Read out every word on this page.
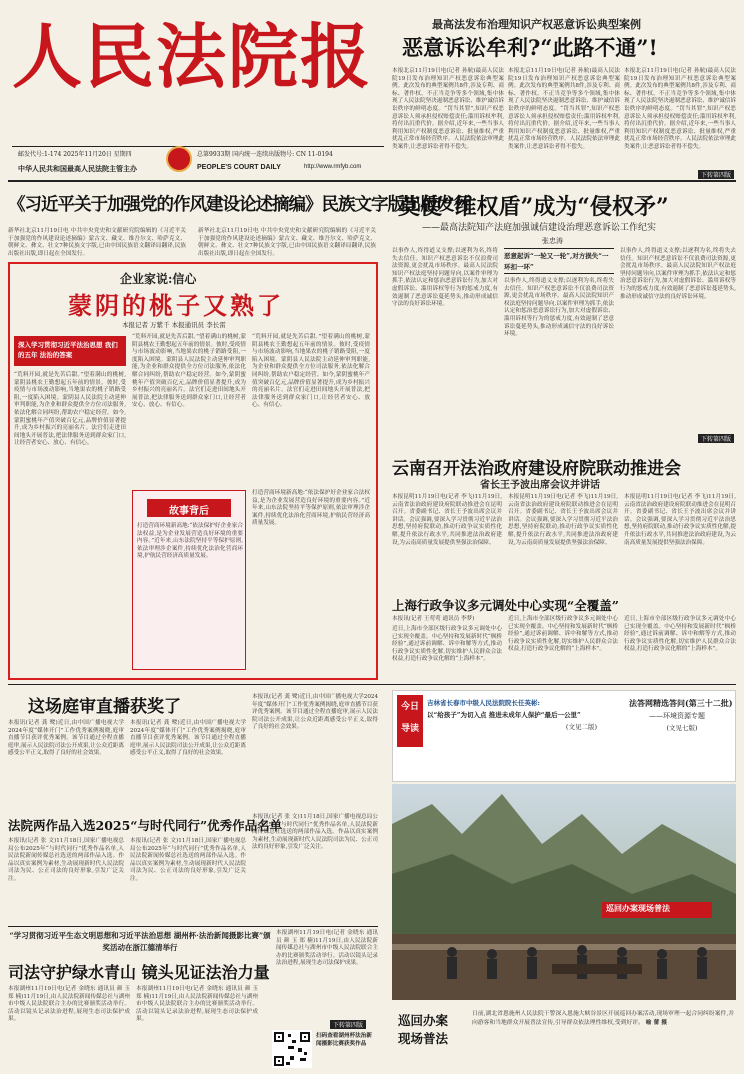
人民法院报
邮发代号:1-174 2025年11月20日 星期四	总第9933期 国内统一连续出版物号: CN 11-0194
中华人民共和国最高人民法院主管主办	PEOPLE'S COURT DAILY	http://www.rmfyb.com
最高法发布治理知识产权恶意诉讼典型案例
恶意诉讼牟利?“此路不通”!
本报北京11月19日电(记者 孙航)最高人民法院19日发布治理知识产权恶意诉讼典型案例。此次发布的典型案例共8件,涉及专利、商标、著作权、不正当竞争等多个领域,集中体现了人民法院坚决遏制恶意诉讼、维护诚信诉讼秩序的鲜明态度。“罚当其罪”,知识产权恶意诉讼人须承担侵权赔偿责任;滥用诉权牟利,将付出沉重代价。据介绍,近年来,一些当事人利用知识产权制度恶意诉讼、批量维权,严重扰乱正常市场经营秩序。人民法院依法审理此类案件,让恶意诉讼者得不偿失。
本报北京11月19日电(记者 孙航)最高人民法院19日发布治理知识产权恶意诉讼典型案例。此次发布的典型案例共8件,涉及专利、商标、著作权、不正当竞争等多个领域,集中体现了人民法院坚决遏制恶意诉讼、维护诚信诉讼秩序的鲜明态度。“罚当其罪”,知识产权恶意诉讼人须承担侵权赔偿责任;滥用诉权牟利,将付出沉重代价。据介绍,近年来,一些当事人利用知识产权制度恶意诉讼、批量维权,严重扰乱正常市场经营秩序。人民法院依法审理此类案件,让恶意诉讼者得不偿失。
本报北京11月19日电(记者 孙航)最高人民法院19日发布治理知识产权恶意诉讼典型案例。此次发布的典型案例共8件,涉及专利、商标、著作权、不正当竞争等多个领域,集中体现了人民法院坚决遏制恶意诉讼、维护诚信诉讼秩序的鲜明态度。“罚当其罪”,知识产权恶意诉讼人须承担侵权赔偿责任;滥用诉权牟利,将付出沉重代价。据介绍,近年来,一些当事人利用知识产权制度恶意诉讼、批量维权,严重扰乱正常市场经营秩序。人民法院依法审理此类案件,让恶意诉讼者得不偿失。
下转第四版
《习近平关于加强党的作风建设论述摘编》民族文字版出版发行
新华社北京11月19日电 中共中央党史和文献研究院编辑的《习近平关于加强党的作风建设论述摘编》蒙古文、藏文、维吾尔文、哈萨克文、朝鲜文、彝文、壮文7种民族文字版,已由中国民族语文翻译局翻译,民族出版社出版,即日起在全国发行。
新华社北京11月19日电 中共中央党史和文献研究院编辑的《习近平关于加强党的作风建设论述摘编》蒙古文、藏文、维吾尔文、哈萨克文、朝鲜文、彝文、壮文7种民族文字版,已由中国民族语文翻译局翻译,民族出版社出版,即日起在全国发行。
莫使“维权盾”成为“侵权矛”
——最高法院知产法庭加强诚信建设治理恶意诉讼工作纪实
张忠涛
以事作人,终得道义支撑;以逐利为名,终将失去信任。知识产权恶意诉讼不仅浪费司法资源,更会扰乱市场秩序。最高人民法院知识产权法庭坚持问题导向,以案件审理为抓手,依法认定和惩治恶意诉讼行为,加大对虚假诉讼、滥用诉权等行为的惩戒力度,有效遏制了恶意诉讼蔓延势头,推动形成诚信守法的良好诉讼环境。
恶意起诉“一轮又一轮”,对方损失“一环扣一环”
以事作人,终得道义支撑;以逐利为名,终将失去信任。知识产权恶意诉讼不仅浪费司法资源,更会扰乱市场秩序。最高人民法院知识产权法庭坚持问题导向,以案件审理为抓手,依法认定和惩治恶意诉讼行为,加大对虚假诉讼、滥用诉权等行为的惩戒力度,有效遏制了恶意诉讼蔓延势头,推动形成诚信守法的良好诉讼环境。
以事作人,终得道义支撑;以逐利为名,终将失去信任。知识产权恶意诉讼不仅浪费司法资源,更会扰乱市场秩序。最高人民法院知识产权法庭坚持问题导向,以案件审理为抓手,依法认定和惩治恶意诉讼行为,加大对虚假诉讼、滥用诉权等行为的惩戒力度,有效遏制了恶意诉讼蔓延势头,推动形成诚信守法的良好诉讼环境。
下转第四版
企业家说:信心
蒙阴的桃子又熟了
本报记者 万紫千 本报通讯员 李长雷
深入学习贯彻习近平法治思想 我们的五年 法治的答案
“荒料开园,就是先苦后甜。”望着满山的桃树,蒙阴县桃农王勤想起五年前的情景。彼时,受疫情与市场波动影响,当地果农的桃子销路受阻,一度陷入困境。蒙阴县人民法院主动延伸审判职能,为企业和群众提供全方位司法服务,依法化解合同纠纷,帮助农户稳定经营。如今,蒙阴蜜桃年产值突破百亿元,品牌价值显著提升,成为乡村振兴的亮丽名片。法官们走进田间地头开展普法,把法律服务送到群众家门口,让经营者安心、放心、有信心。
“荒料开园,就是先苦后甜。”望着满山的桃树,蒙阴县桃农王勤想起五年前的情景。彼时,受疫情与市场波动影响,当地果农的桃子销路受阻,一度陷入困境。蒙阴县人民法院主动延伸审判职能,为企业和群众提供全方位司法服务,依法化解合同纠纷,帮助农户稳定经营。如今,蒙阴蜜桃年产值突破百亿元,品牌价值显著提升,成为乡村振兴的亮丽名片。法官们走进田间地头开展普法,把法律服务送到群众家门口,让经营者安心、放心、有信心。
“荒料开园,就是先苦后甜。”望着满山的桃树,蒙阴县桃农王勤想起五年前的情景。彼时,受疫情与市场波动影响,当地果农的桃子销路受阻,一度陷入困境。蒙阴县人民法院主动延伸审判职能,为企业和群众提供全方位司法服务,依法化解合同纠纷,帮助农户稳定经营。如今,蒙阴蜜桃年产值突破百亿元,品牌价值显著提升,成为乡村振兴的亮丽名片。法官们走进田间地头开展普法,把法律服务送到群众家门口,让经营者安心、放心、有信心。
故事背后
打造营商环境新高地:“依法保护好企业家合法权益,是为企业发展营造良好环境的重要内容。”近年来,山东法院坚持平等保护原则,依法审理涉企案件,持续优化法治化营商环境,护航民营经济高质量发展。
打造营商环境新高地:“依法保护好企业家合法权益,是为企业发展营造良好环境的重要内容。”近年来,山东法院坚持平等保护原则,依法审理涉企案件,持续优化法治化营商环境,护航民营经济高质量发展。
云南召开法治政府建设府院联动推进会
省长王予波出席会议并讲话
本报昆明11月19日电(记者 李飞)11月19日,云南省法治政府建设府院联动推进会在昆明召开。省委副书记、省长王予波出席会议并讲话。会议强调,要深入学习贯彻习近平法治思想,坚持府院联动,推动行政争议实质性化解,提升依法行政水平,共同推进法治政府建设,为云南高质量发展提供坚强法治保障。
本报昆明11月19日电(记者 李飞)11月19日,云南省法治政府建设府院联动推进会在昆明召开。省委副书记、省长王予波出席会议并讲话。会议强调,要深入学习贯彻习近平法治思想,坚持府院联动,推动行政争议实质性化解,提升依法行政水平,共同推进法治政府建设,为云南高质量发展提供坚强法治保障。
本报昆明11月19日电(记者 李飞)11月19日,云南省法治政府建设府院联动推进会在昆明召开。省委副书记、省长王予波出席会议并讲话。会议强调,要深入学习贯彻习近平法治思想,坚持府院联动,推动行政争议实质性化解,提升依法行政水平,共同推进法治政府建设,为云南高质量发展提供坚强法治保障。
上海行政争议多元调处中心实现“全覆盖”
本报讯(记者 王莺莺 通讯员 李梦)
近日,上海市全部区级行政争议多元调处中心已实现全覆盖。中心坚持和发展新时代“枫桥经验”,通过诉前调解、诉中和解等方式,推动行政争议实质性化解,切实维护人民群众合法权益,打造行政争议化解的“上海样本”。
近日,上海市全部区级行政争议多元调处中心已实现全覆盖。中心坚持和发展新时代“枫桥经验”,通过诉前调解、诉中和解等方式,推动行政争议实质性化解,切实维护人民群众合法权益,打造行政争议化解的“上海样本”。
近日,上海市全部区级行政争议多元调处中心已实现全覆盖。中心坚持和发展新时代“枫桥经验”,通过诉前调解、诉中和解等方式,推动行政争议实质性化解,切实维护人民群众合法权益,打造行政争议化解的“上海样本”。
这场庭审直播获奖了
本报讯(记者 龚 鹭)近日,由中国广播电视大学2024年度“媒体开门”工作优秀案例揭晓,庭审直播节目获评优秀案例。该节目通过全程直播庭审,展示人民法院司法公开成果,让公众近距离感受公平正义,取得了良好的社会效果。
本报讯(记者 龚 鹭)近日,由中国广播电视大学2024年度“媒体开门”工作优秀案例揭晓,庭审直播节目获评优秀案例。该节目通过全程直播庭审,展示人民法院司法公开成果,让公众近距离感受公平正义,取得了良好的社会效果。
本报讯(记者 龚 鹭)近日,由中国广播电视大学2024年度“媒体开门”工作优秀案例揭晓,庭审直播节目获评优秀案例。该节目通过全程直播庭审,展示人民法院司法公开成果,让公众近距离感受公平正义,取得了良好的社会效果。
今日
导读
吉林省长春市中级人民法院院长任英彬:
以“给孩子”为切入点 推进未成年人保护“最后一公里”
(文见二版)
法答网精选答问(第三十二批)
——环境资源专题
(文见七版)
巡回办案现场普法
法院两作品入选2025“与时代同行”优秀作品名单
本报讯(记者 张 文)11月18日,国家广播电视总局公布2025年“与时代同行”优秀作品名单,人民法院新闻传媒总社选送的两部作品入选。作品以真实案例为素材,生动展现新时代人民法院司法为民、公正司法的良好形象,引发广泛关注。
本报讯(记者 张 文)11月18日,国家广播电视总局公布2025年“与时代同行”优秀作品名单,人民法院新闻传媒总社选送的两部作品入选。作品以真实案例为素材,生动展现新时代人民法院司法为民、公正司法的良好形象,引发广泛关注。
本报讯(记者 张 文)11月18日,国家广播电视总局公布2025年“与时代同行”优秀作品名单,人民法院新闻传媒总社选送的两部作品入选。作品以真实案例为素材,生动展现新时代人民法院司法为民、公正司法的良好形象,引发广泛关注。
“学习贯彻习近平生态文明思想和习近平法治思想 湖州杯·法治新闻摄影比赛”颁奖活动在浙江德清举行
司法守护绿水青山 镜头见证法治力量
本报湖州11月19日电(记者 金晓东 通讯员 颜 玉 郑 楠)11月19日,由人民法院新闻传媒总社与湖州市中级人民法院联合主办的比赛颁奖活动举行。活动以镜头记录法治进程,展现生态司法保护成果。
本报湖州11月19日电(记者 金晓东 通讯员 颜 玉 郑 楠)11月19日,由人民法院新闻传媒总社与湖州市中级人民法院联合主办的比赛颁奖活动举行。活动以镜头记录法治进程,展现生态司法保护成果。
本报湖州11月19日电(记者 金晓东 通讯员 颜 玉 郑 楠)11月19日,由人民法院新闻传媒总社与湖州市中级人民法院联合主办的比赛颁奖活动举行。活动以镜头记录法治进程,展现生态司法保护成果。
下转第四版
扫码查看湖州杯法治新闻摄影比赛获奖作品
巡回办案 现场普法
日前,湖北省恩施州人民法院干警深入恩施大峡谷景区开展巡回办案活动,现场审理一起合同纠纷案件,并向游客和当地群众开展普法宣传,引导群众依法理性维权,受到好评。 喻 蕾 摄
